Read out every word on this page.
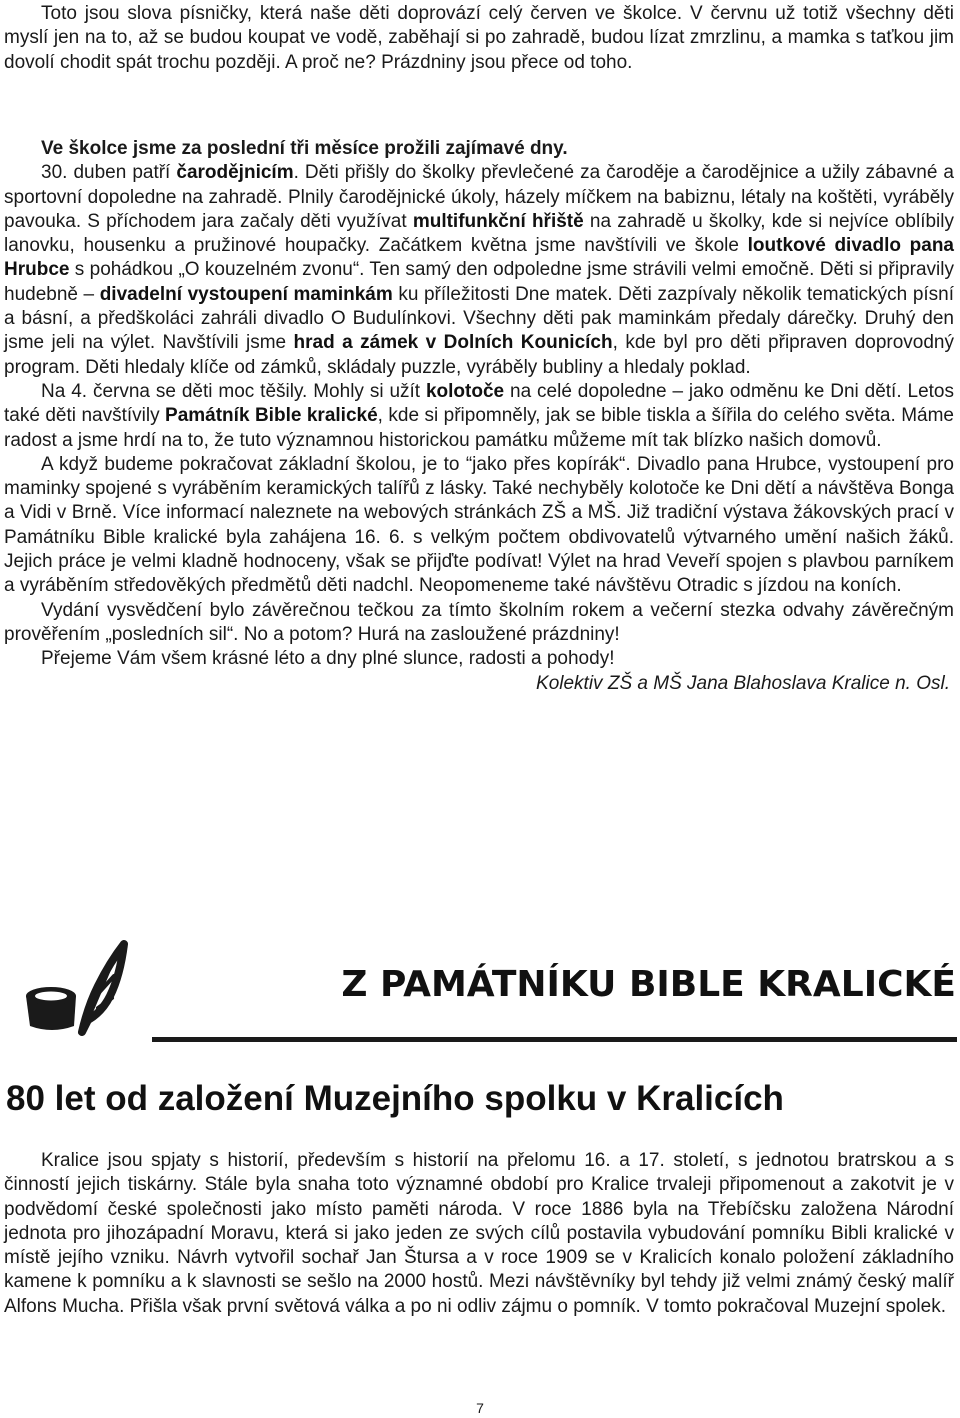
Toto jsou slova písničky, která naše děti doprovází celý červen ve školce. V červnu už totiž všechny děti myslí jen na to, až se budou koupat ve vodě, zaběhají si po zahradě, budou lízat zmrzlinu, a mamka s taťkou jim dovolí chodit spát trochu později. A proč ne? Prázdniny jsou přece od toho.

Ve školce jsme za poslední tři měsíce prožili zajímavé dny.

30. duben patří čarodějnicím. Děti přišly do školky převlečené za čaroděje a čarodějnice a užily zábavné a sportovní dopoledne na zahradě. Plnily čarodějnické úkoly, házely míčkem na babiznu, létaly na koštěti, vyráběly pavouka. S příchodem jara začaly děti využívat multifunkční hřiště na zahradě u školky, kde si nejvíce oblíbily lanovku, housenku a pružinové houpačky. Začátkem května jsme navštívili ve škole loutkové divadlo pana Hrubce s pohádkou „O kouzelném zvonu“. Ten samý den odpoledne jsme strávili velmi emočně. Děti si připravily hudebně – divadelní vystoupení maminkám ku příležitosti Dne matek. Děti zazpívaly několik tematických písní a básní, a předškoláci zahráli divadlo O Budulínkovi. Všechny děti pak maminkám předaly dárečky. Druhý den jsme jeli na výlet. Navštívili jsme hrad a zámek v Dolních Kounicích, kde byl pro děti připraven doprovodný program. Děti hledaly klíče od zámků, skládaly puzzle, vyráběly bubliny a hledaly poklad.

Na 4. června se děti moc těšily. Mohly si užít kolotoče na celé dopoledne – jako odměnu ke Dni dětí. Letos také děti navštívily Památník Bible kralické, kde si připomněly, jak se bible tiskla a šířila do celého světa. Máme radost a jsme hrdí na to, že tuto významnou historickou památku můžeme mít tak blízko našich domovů.

A když budeme pokračovat základní školou, je to “jako přes kopírák“. Divadlo pana Hrubce, vystoupení pro maminky spojené s vyráběním keramických talířů z lásky. Také nechyběly kolotoče ke Dni dětí a návštěva Bonga a Vidi v Brně. Více informací naleznete na webových stránkách ZŠ a MŠ. Již tradiční výstava žákovských prací v Památníku Bible kralické byla zahájena 16. 6. s velkým počtem obdivovatelů výtvarného umění našich žáků. Jejich práce je velmi kladně hodnoceny, však se přijďte podívat! Výlet na hrad Veveří spojen s plavbou parníkem a vyráběním středověkých předmětů děti nadchl. Neopomeneme také návštěvu Otradic s jízdou na koních.

Vydání vysvědčení bylo závěrečnou tečkou za tímto školním rokem a večerní stezka odvahy závěrečným prověřením „posledních sil“. No a potom? Hurá na zasloužené prázdniny!

Přejeme Vám všem krásné léto a dny plné slunce, radosti a pohody!

Kolektiv ZŠ a MŠ Jana Blahoslava Kralice n. Osl.

Z PAMÁTNÍKU BIBLE KRALICKÉ
80 let od založení Muzejního spolku v Kralicích

Kralice jsou spjaty s historií, především s historií na přelomu 16. a 17. století, s jednotou bratrskou a s činností jejich tiskárny. Stále byla snaha toto významné období pro Kralice trvaleji připomenout a zakotvit je v podvědomí české společnosti jako místo paměti národa. V roce 1886 byla na Třebíčsku založena Národní jednota pro jihozápadní Moravu, která si jako jeden ze svých cílů postavila vybudování pomníku Bibli kralické v místě jejího vzniku. Návrh vytvořil sochař Jan Štursa a v roce 1909 se v Kralicích konalo položení základního kamene k pomníku a k slavnosti se sešlo na 2000 hostů. Mezi návštěvníky byl tehdy již velmi známý český malíř Alfons Mucha. Přišla však první světová válka a po ni odliv zájmu o pomník. V tomto pokračoval Muzejní spolek.

7
